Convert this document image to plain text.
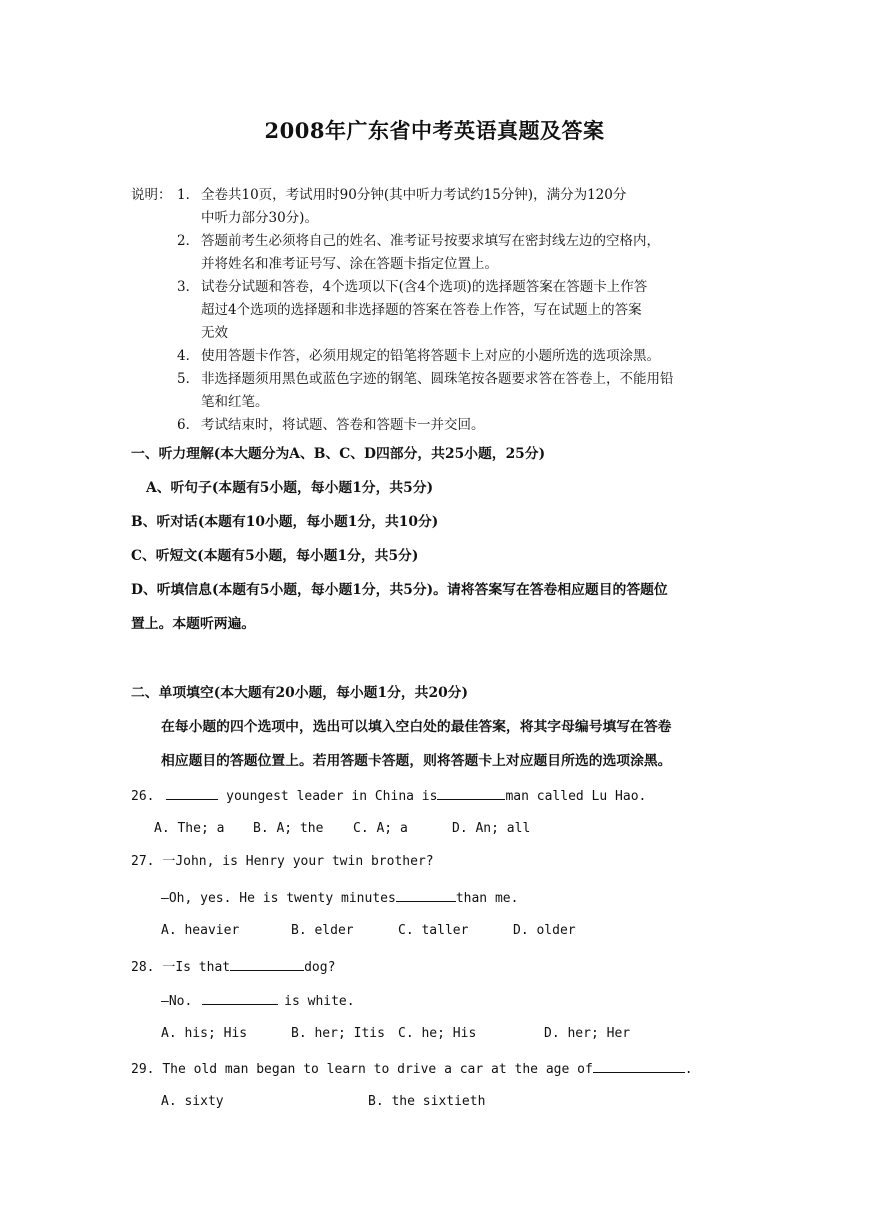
2008年广东省中考英语真题及答案
说明： 1． 全卷共10页，考试用时90分钟(其中听力考试约15分钟)，满分为120分
中听力部分30分)。
2． 答题前考生必须将自己的姓名、准考证号按要求填写在密封线左边的空格内，
并将姓名和准考证号写、涂在答题卡指定位置上。
3． 试卷分试题和答卷，4个选项以下(含4个选项)的选择题答案在答题卡上作答
超过4个选项的选择题和非选择题的答案在答卷上作答，写在试题上的答案
无效
4． 使用答题卡作答，必须用规定的铅笔将答题卡上对应的小题所选的选项涂黑。
5． 非选择题须用黑色或蓝色字迹的钢笔、圆珠笔按各题要求答在答卷上，不能用铅
笔和红笔。
6． 考试结束时，将试题、答卷和答题卡一并交回。
一、听力理解(本大题分为A、B、C、D四部分，共25小题，25分)
A、听句子(本题有5小题，每小题1分，共5分)
B、听对话(本题有10小题，每小题1分，共10分)
C、听短文(本题有5小题，每小题1分，共5分)
D、听填信息(本题有5小题，每小题1分，共5分)。请将答案写在答卷相应题目的答题位
置上。本题听两遍。
二、单项填空(本大题有20小题，每小题1分，共20分)
在每小题的四个选项中，选出可以填入空白处的最佳答案，将其字母编号填写在答卷
相应题目的答题位置上。若用答题卡答题，则将答题卡上对应题目所选的选项涂黑。
26.	youngest leader in China is	man called Lu Hao.
A. The; a B. A; the C. A; a	D. An; all
27. 一John, is Henry your twin brother?
—Oh, yes. He is twenty minutes	than me.
A. heavier	B. elder	C. taller	D. older
28. 一Is that	dog?
—No.	is white.
A. his; His	B. her; Itis C. he; His	D. her; Her
29. The old man began to learn to drive a car at the age of	.
A. sixty	B. the sixtieth
